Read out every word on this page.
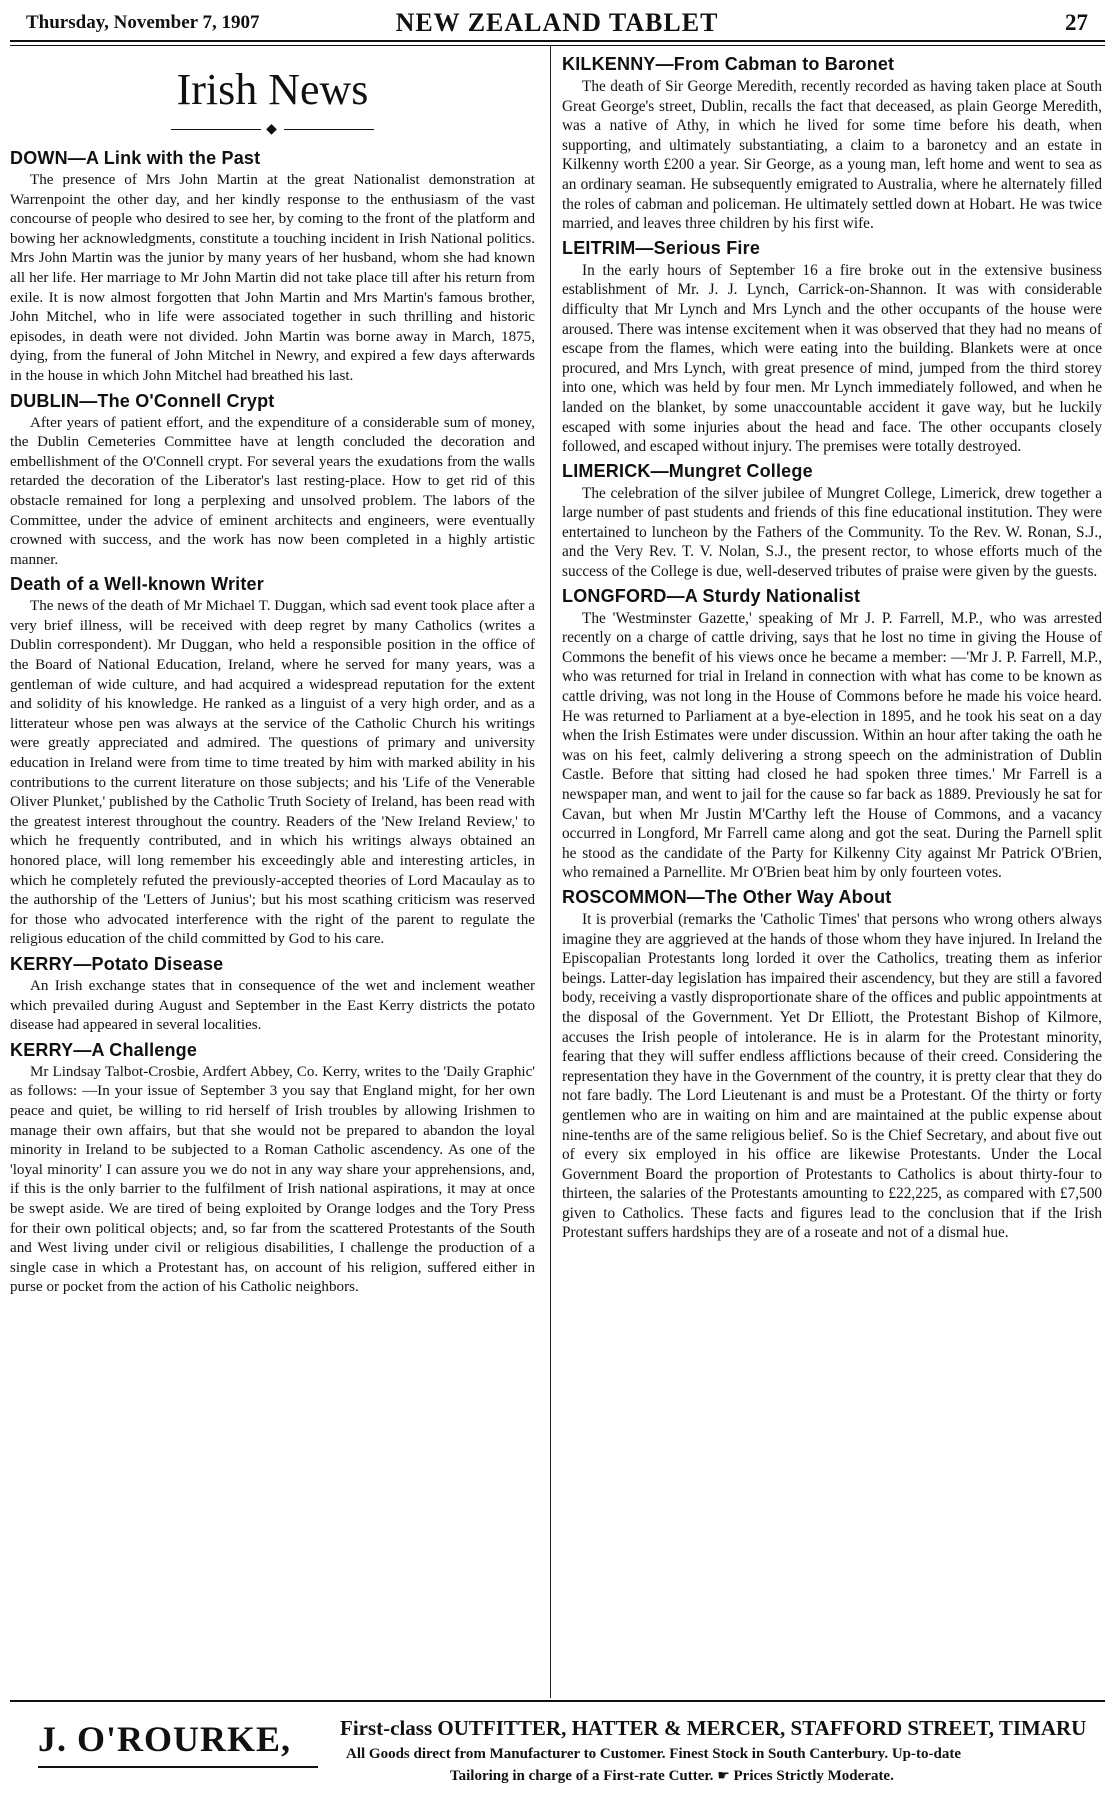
Thursday, November 7, 1907	NEW ZEALAND TABLET	27
Irish News
◆
DOWN—A Link with the Past

The presence of Mrs John Martin at the great Nationalist demonstration at Warrenpoint the other day, and her kindly response to the enthusiasm of the vast concourse of people who desired to see her, by coming to the front of the platform and bowing her acknowledgments, constitute a touching incident in Irish National politics. Mrs John Martin was the junior by many years of her husband, whom she had known all her life. Her marriage to Mr John Martin did not take place till after his return from exile. It is now almost forgotten that John Martin and Mrs Martin's famous brother, John Mitchel, who in life were associated together in such thrilling and historic episodes, in death were not divided. John Martin was borne away in March, 1875, dying, from the funeral of John Mitchel in Newry, and expired a few days afterwards in the house in which John Mitchel had breathed his last.

DUBLIN—The O'Connell Crypt

After years of patient effort, and the expenditure of a considerable sum of money, the Dublin Cemeteries Committee have at length concluded the decoration and embellishment of the O'Connell crypt. For several years the exudations from the walls retarded the decoration of the Liberator's last resting-place. How to get rid of this obstacle remained for long a perplexing and unsolved problem. The labors of the Committee, under the advice of eminent architects and engineers, were eventually crowned with success, and the work has now been completed in a highly artistic manner.

Death of a Well-known Writer

The news of the death of Mr Michael T. Duggan, which sad event took place after a very brief illness, will be received with deep regret by many Catholics (writes a Dublin correspondent). Mr Duggan, who held a responsible position in the office of the Board of National Education, Ireland, where he served for many years, was a gentleman of wide culture, and had acquired a widespread reputation for the extent and solidity of his knowledge. He ranked as a linguist of a very high order, and as a litterateur whose pen was always at the service of the Catholic Church his writings were greatly appreciated and admired. The questions of primary and university education in Ireland were from time to time treated by him with marked ability in his contributions to the current literature on those subjects; and his 'Life of the Venerable Oliver Plunket,' published by the Catholic Truth Society of Ireland, has been read with the greatest interest throughout the country. Readers of the 'New Ireland Review,' to which he frequently contributed, and in which his writings always obtained an honored place, will long remember his exceedingly able and interesting articles, in which he completely refuted the previously-accepted theories of Lord Macaulay as to the authorship of the 'Letters of Junius'; but his most scathing criticism was reserved for those who advocated interference with the right of the parent to regulate the religious education of the child committed by God to his care.

KERRY—Potato Disease

An Irish exchange states that in consequence of the wet and inclement weather which prevailed during August and September in the East Kerry districts the potato disease had appeared in several localities.

KERRY—A Challenge

Mr Lindsay Talbot-Crosbie, Ardfert Abbey, Co. Kerry, writes to the 'Daily Graphic' as follows: —In your issue of September 3 you say that England might, for her own peace and quiet, be willing to rid herself of Irish troubles by allowing Irishmen to manage their own affairs, but that she would not be prepared to abandon the loyal minority in Ireland to be subjected to a Roman Catholic ascendency. As one of the 'loyal minority' I can assure you we do not in any way share your apprehensions, and, if this is the only barrier to the fulfilment of Irish national aspirations, it may at once be swept aside. We are tired of being exploited by Orange lodges and the Tory Press for their own political objects; and, so far from the scattered Protestants of the South and West living under civil or religious disabilities, I challenge the production of a single case in which a Protestant has, on account of his religion, suffered either in purse or pocket from the action of his Catholic neighbors.

KILKENNY—From Cabman to Baronet

The death of Sir George Meredith, recently recorded as having taken place at South Great George's street, Dublin, recalls the fact that deceased, as plain George Meredith, was a native of Athy, in which he lived for some time before his death, when supporting, and ultimately substantiating, a claim to a baronetcy and an estate in Kilkenny worth £200 a year. Sir George, as a young man, left home and went to sea as an ordinary seaman. He subsequently emigrated to Australia, where he alternately filled the roles of cabman and policeman. He ultimately settled down at Hobart. He was twice married, and leaves three children by his first wife.

LEITRIM—Serious Fire

In the early hours of September 16 a fire broke out in the extensive business establishment of Mr. J. J. Lynch, Carrick-on-Shannon. It was with considerable difficulty that Mr Lynch and Mrs Lynch and the other occupants of the house were aroused. There was intense excitement when it was observed that they had no means of escape from the flames, which were eating into the building. Blankets were at once procured, and Mrs Lynch, with great presence of mind, jumped from the third storey into one, which was held by four men. Mr Lynch immediately followed, and when he landed on the blanket, by some unaccountable accident it gave way, but he luckily escaped with some injuries about the head and face. The other occupants closely followed, and escaped without injury. The premises were totally destroyed.

LIMERICK—Mungret College

The celebration of the silver jubilee of Mungret College, Limerick, drew together a large number of past students and friends of this fine educational institution. They were entertained to luncheon by the Fathers of the Community. To the Rev. W. Ronan, S.J., and the Very Rev. T. V. Nolan, S.J., the present rector, to whose efforts much of the success of the College is due, well-deserved tributes of praise were given by the guests.

LONGFORD—A Sturdy Nationalist

The 'Westminster Gazette,' speaking of Mr J. P. Farrell, M.P., who was arrested recently on a charge of cattle driving, says that he lost no time in giving the House of Commons the benefit of his views once he became a member: —'Mr J. P. Farrell, M.P., who was returned for trial in Ireland in connection with what has come to be known as cattle driving, was not long in the House of Commons before he made his voice heard. He was returned to Parliament at a bye-election in 1895, and he took his seat on a day when the Irish Estimates were under discussion. Within an hour after taking the oath he was on his feet, calmly delivering a strong speech on the administration of Dublin Castle. Before that sitting had closed he had spoken three times.' Mr Farrell is a newspaper man, and went to jail for the cause so far back as 1889. Previously he sat for Cavan, but when Mr Justin M'Carthy left the House of Commons, and a vacancy occurred in Longford, Mr Farrell came along and got the seat. During the Parnell split he stood as the candidate of the Party for Kilkenny City against Mr Patrick O'Brien, who remained a Parnellite. Mr O'Brien beat him by only fourteen votes.

ROSCOMMON—The Other Way About

It is proverbial (remarks the 'Catholic Times' that persons who wrong others always imagine they are aggrieved at the hands of those whom they have injured. In Ireland the Episcopalian Protestants long lorded it over the Catholics, treating them as inferior beings. Latter-day legislation has impaired their ascendency, but they are still a favored body, receiving a vastly disproportionate share of the offices and public appointments at the disposal of the Government. Yet Dr Elliott, the Protestant Bishop of Kilmore, accuses the Irish people of intolerance. He is in alarm for the Protestant minority, fearing that they will suffer endless afflictions because of their creed. Considering the representation they have in the Government of the country, it is pretty clear that they do not fare badly. The Lord Lieutenant is and must be a Protestant. Of the thirty or forty gentlemen who are in waiting on him and are maintained at the public expense about nine-tenths are of the same religious belief. So is the Chief Secretary, and about five out of every six employed in his office are likewise Protestants. Under the Local Government Board the proportion of Protestants to Catholics is about thirty-four to thirteen, the salaries of the Protestants amounting to £22,225, as compared with £7,500 given to Catholics. These facts and figures lead to the conclusion that if the Irish Protestant suffers hardships they are of a roseate and not of a dismal hue.

J. O'ROURKE, First-class OUTFITTER, HATTER & MERCER, STAFFORD STREET, TIMARU
All Goods direct from Manufacturer to Customer. Finest Stock in South Canterbury. Up-to-date
Tailoring in charge of a First-rate Cutter. ☛ Prices Strictly Moderate.
